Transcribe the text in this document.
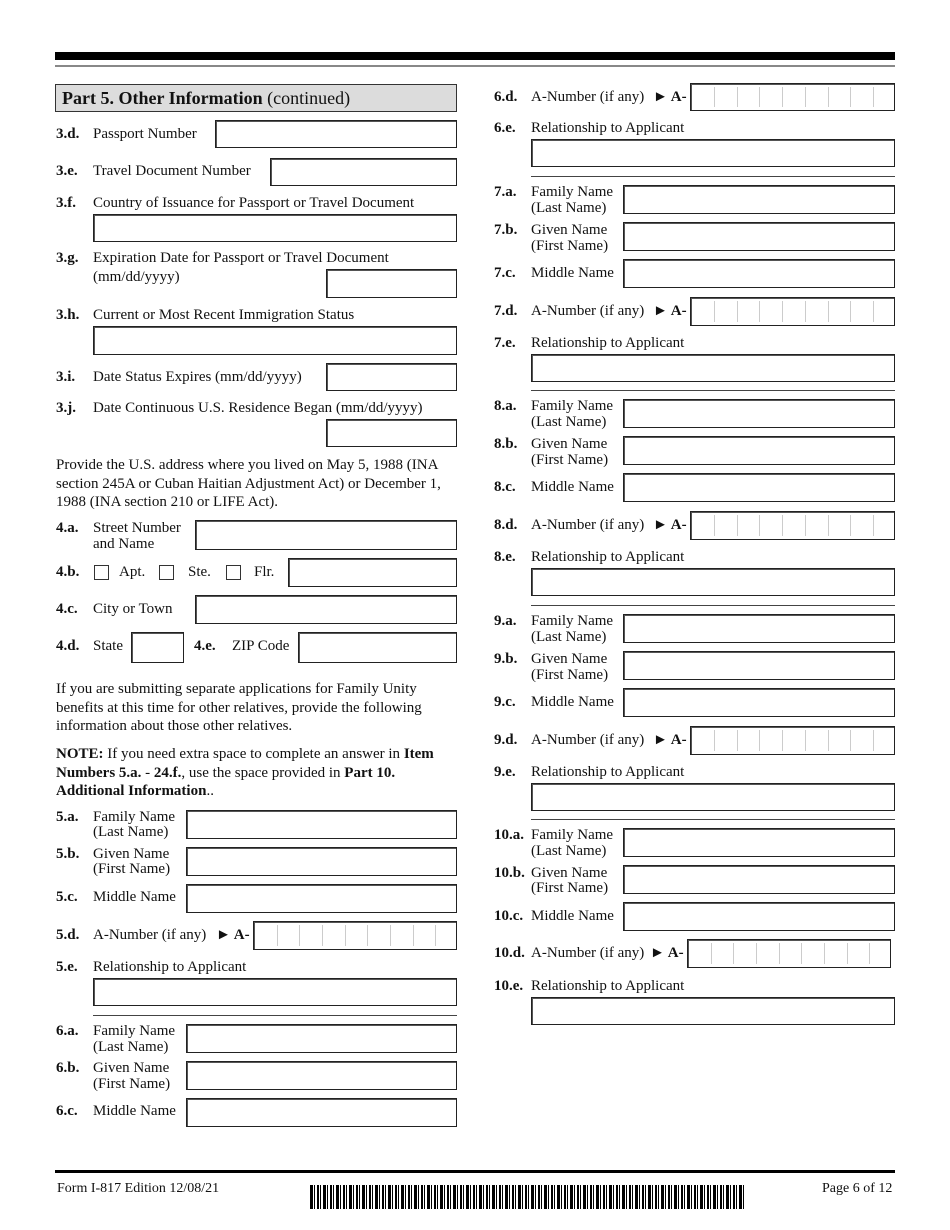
Part 5. Other Information (continued)
Provide the U.S. address where you lived on May 5, 1988 (INA section 245A or Cuban Haitian Adjustment Act) or December 1, 1988 (INA section 210 or LIFE Act).
If you are submitting separate applications for Family Unity benefits at this time for other relatives, provide the following information about those other relatives.
NOTE: If you need extra space to complete an answer in Item Numbers 5.a. - 24.f., use the space provided in Part 10. Additional Information..
Form I-817 Edition 12/08/21	Page 6 of 12
3.d. Passport Number
3.e. Travel Document Number
3.f. Country of Issuance for Passport or Travel Document
3.g. Expiration Date for Passport or Travel Document
(mm/dd/yyyy)
3.h. Current or Most Recent Immigration Status
3.i. Date Status Expires (mm/dd/yyyy)
3.j. Date Continuous U.S. Residence Began (mm/dd/yyyy)
4.a. Street Number
and Name
4.b.	Apt.	Ste.	Flr.
4.c. City or Town
4.d. State	4.e. ZIP Code
5.a. Family Name
(Last Name)
5.b. Given Name
(First Name)
5.c. Middle Name
5.d. A-Number (if any) ► A-
5.e. Relationship to Applicant
6.a. Family Name
(Last Name)
6.b. Given Name
(First Name)
6.c. Middle Name
6.d. A-Number (if any) ► A-
6.e. Relationship to Applicant
7.a. Family Name
(Last Name)
7.b. Given Name
(First Name)
7.c. Middle Name
7.d. A-Number (if any) ► A-
7.e. Relationship to Applicant
8.a. Family Name
(Last Name)
8.b. Given Name
(First Name)
8.c. Middle Name
8.d. A-Number (if any) ► A-
8.e. Relationship to Applicant
9.a. Family Name
(Last Name)
9.b. Given Name
(First Name)
9.c. Middle Name
9.d. A-Number (if any) ► A-
9.e. Relationship to Applicant
10.a. Family Name
(Last Name)
10.b. Given Name
(First Name)
10.c. Middle Name
10.d. A-Number (if any) ► A-
10.e. Relationship to Applicant
